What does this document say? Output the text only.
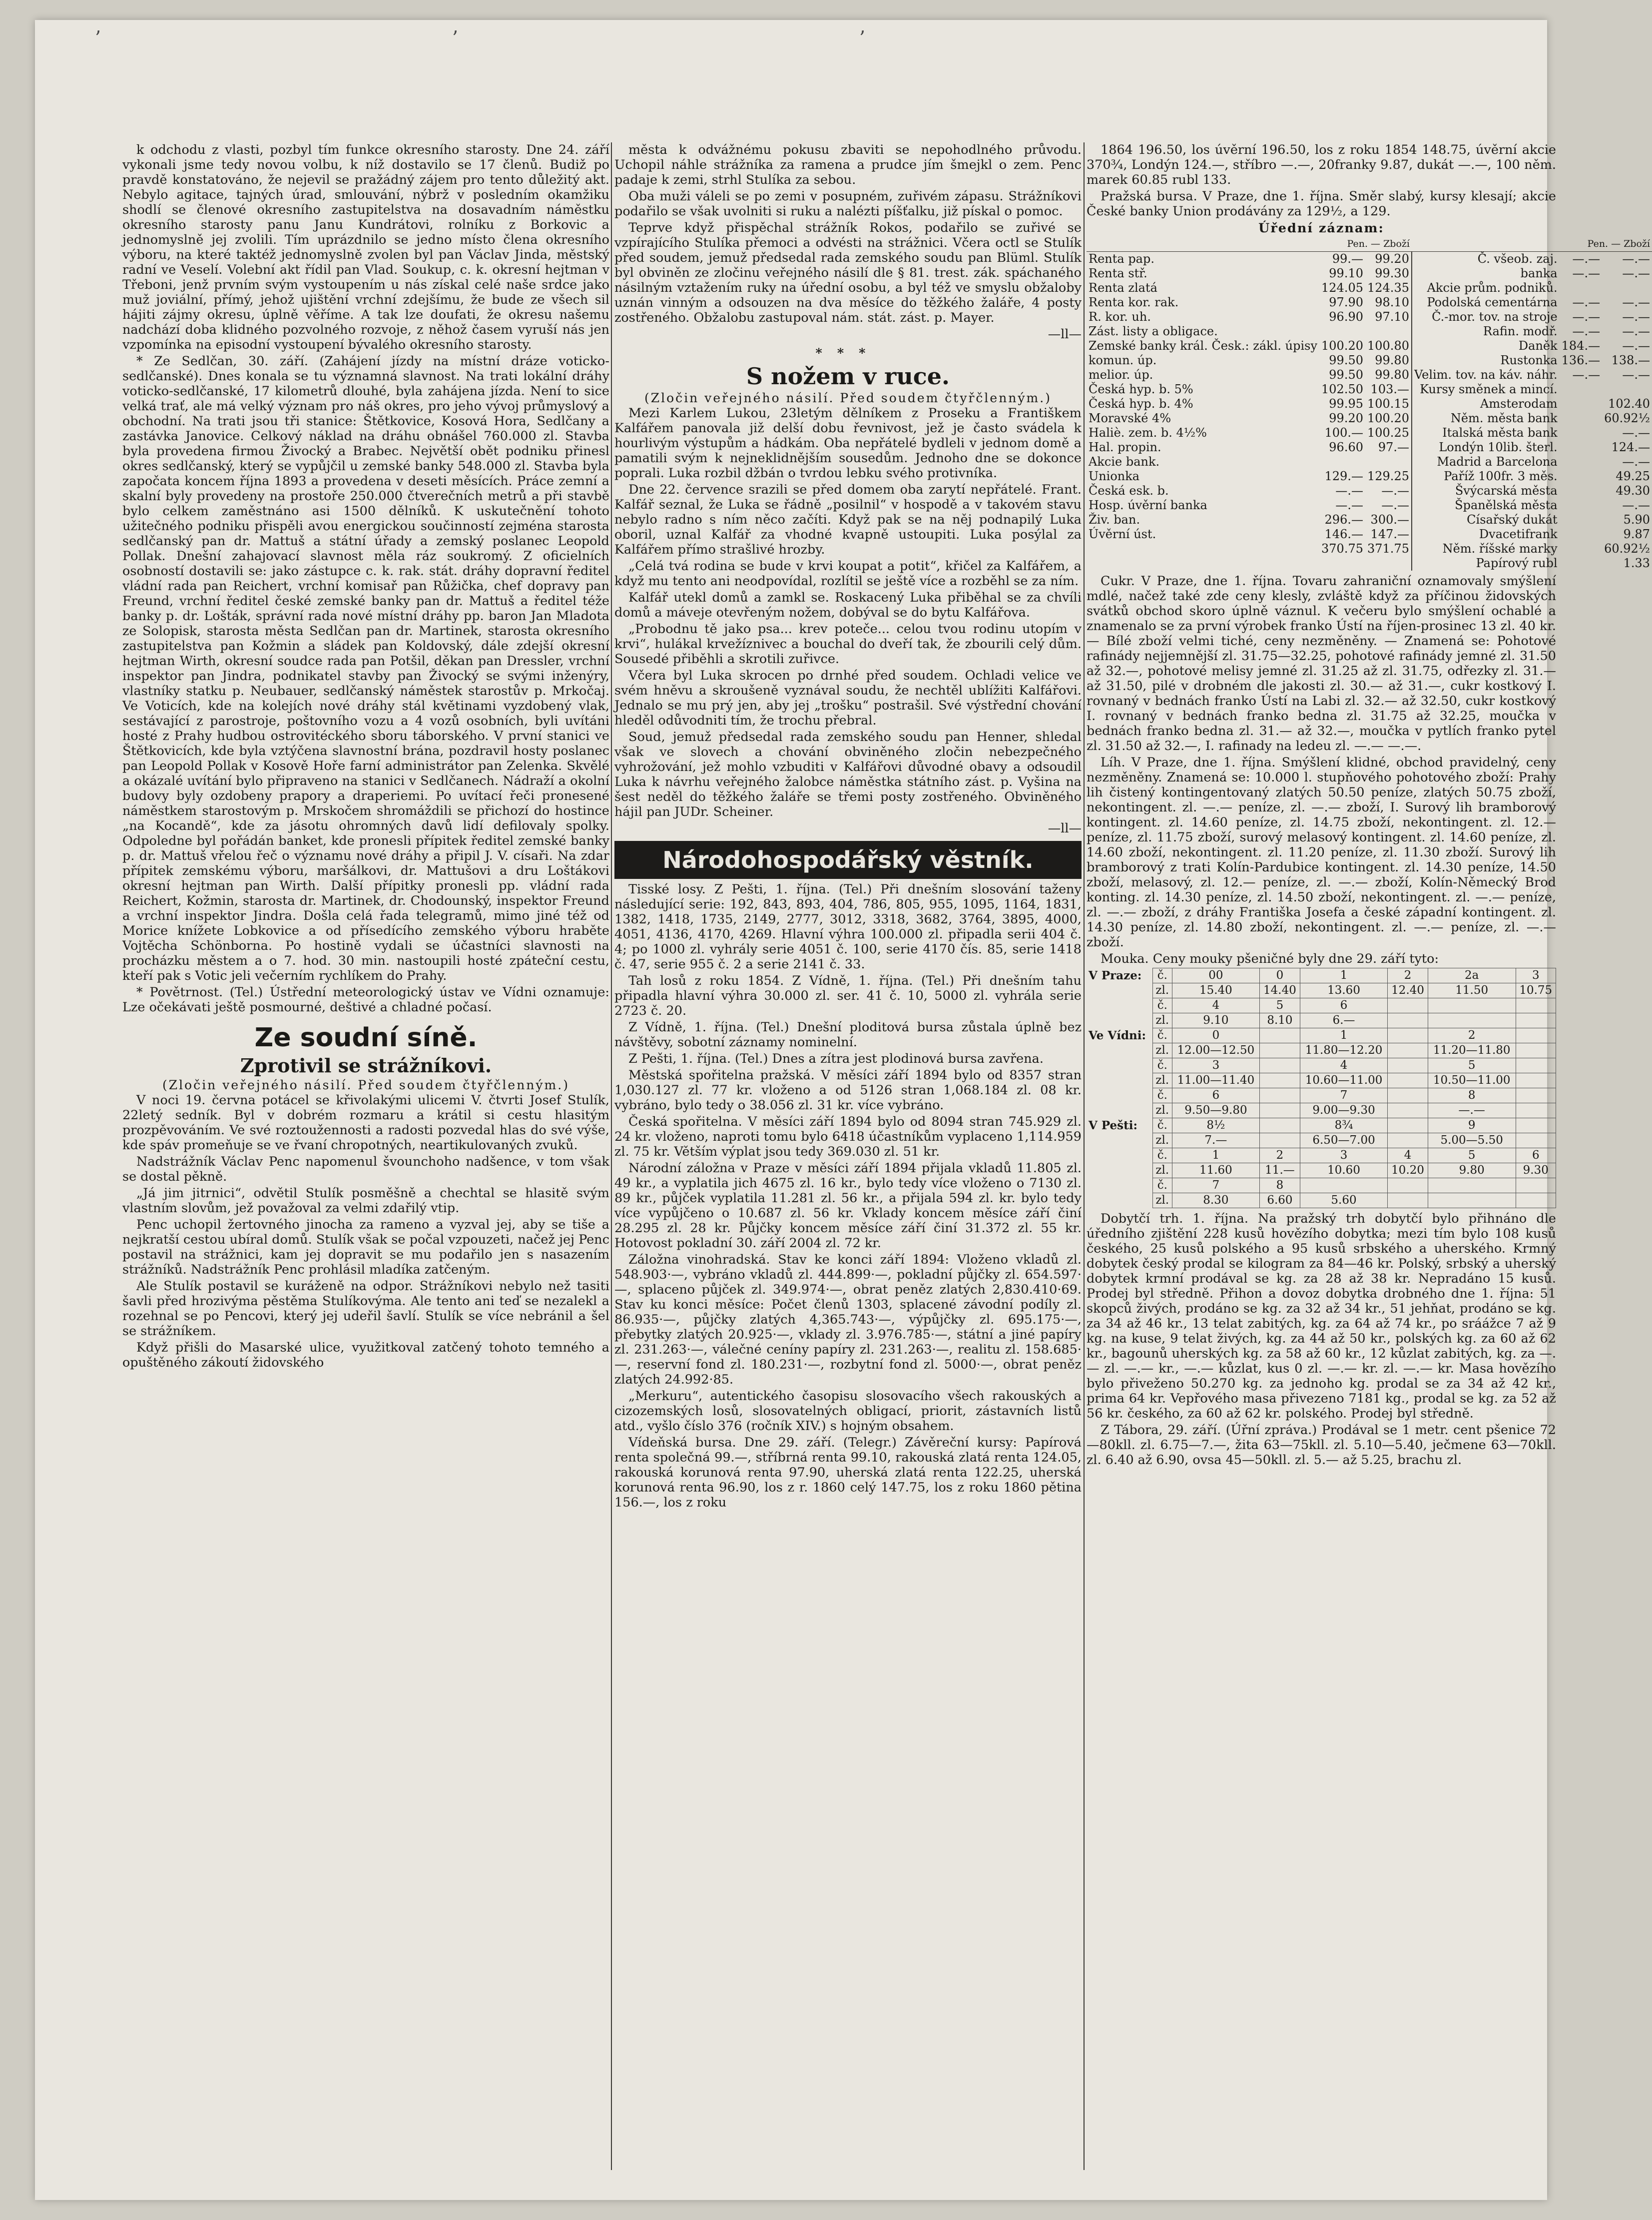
’	’	’

k odchodu z vlasti, pozbyl tím funkce okresního starosty. Dne 24. září vykonali jsme tedy novou volbu, k níž dostavilo se 17 členů. Budiž po pravdě konstatováno, že nejevil se pražádný zájem pro tento důležitý akt. Nebylo agitace, tajných úrad, smlouvání, nýbrž v posledním okamžiku shodlí se členové okresního zastupitelstva na dosavadním náměstku okresního starosty panu Janu Kundrátovi, rolníku z Borkovic a jednomyslně jej zvolili. Tím uprázdnilo se jedno místo člena okresního výboru, na které taktéž jednomyslně zvolen byl pan Václav Jinda, městský radní ve Veselí. Volební akt řídil pan Vlad. Soukup, c. k. okresní hejtman v Třeboni, jenž prvním svým vystoupením u nás získal celé naše srdce jako muž joviální, přímý, jehož ujištění vrchní zdejšímu, že bude ze všech sil hájiti zájmy okresu, úplně věříme. A tak lze doufati, že okresu našemu nadchází doba klidného pozvolného rozvoje, z něhož časem vyruší nás jen vzpomínka na episodní vystoupení bývalého okresního starosty.

* Ze Sedlčan, 30. září. (Zahájení jízdy na místní dráze voticko-sedlčanské). Dnes konala se tu významná slavnost. Na trati lokální dráhy voticko-sedlčanské, 17 kilometrů dlouhé, byla zahájena jízda. Není to sice velká trať, ale má velký význam pro náš okres, pro jeho vývoj průmyslový a obchodní. Na trati jsou tři stanice: Štětkovice, Kosová Hora, Sedlčany a zastávka Janovice. Celkový náklad na dráhu obnášel 760.000 zl. Stavba byla provedena firmou Živocký a Brabec. Největší obět podniku přinesl okres sedlčanský, který se vypůjčil u zemské banky 548.000 zl. Stavba byla započata koncem října 1893 a provedena v deseti měsících. Práce zemní a skalní byly provedeny na prostoře 250.000 čtverečních metrů a při stavbě bylo celkem zaměstnáno asi 1500 dělníků. K uskutečnění tohoto užitečného podniku přispěli avou energickou součinností zejména starosta sedlčanský pan dr. Mattuš a státní úřady a zemský poslanec Leopold Pollak. Dnešní zahajovací slavnost měla ráz soukromý. Z oficielních osobností dostavili se: jako zástupce c. k. rak. stát. dráhy dopravní ředitel vládní rada pan Reichert, vrchní komisař pan Růžička, chef dopravy pan Freund, vrchní ředitel české zemské banky pan dr. Mattuš a ředitel téže banky p. dr. Lošták, správní rada nové místní dráhy pp. baron Jan Mladota ze Solopisk, starosta města Sedlčan pan dr. Martinek, starosta okresního zastupitelstva pan Kožmin a sládek pan Koldovský, dále zdejší okresní hejtman Wirth, okresní soudce rada pan Potšil, děkan pan Dressler, vrchní inspektor pan Jindra, podnikatel stavby pan Živocký se svými inženýry, vlastníky statku p. Neubauer, sedlčanský náměstek starostův p. Mrkočaj. Ve Voticích, kde na kolejích nové dráhy stál květinami vyzdobený vlak, sestávající z parostroje, poštovního vozu a 4 vozů osobních, byli uvítáni hosté z Prahy hudbou ostrovitéckého sboru táborského. V první stanici ve Štětkovicích, kde byla vztýčena slavnostní brána, pozdravil hosty poslanec pan Leopold Pollak v Kosově Hoře farní administrátor pan Zelenka. Skvělé a okázalé uvítání bylo připraveno na stanici v Sedlčanech. Nádraží a okolní budovy byly ozdobeny prapory a draperiemi. Po uvítací řeči pronesené náměstkem starostovým p. Mrskočem shromáždili se přichozí do hostince „na Kocandě“, kde za jásotu ohromných davů lidí defilovaly spolky. Odpoledne byl pořádán banket, kde pronesli přípitek ředitel zemské banky p. dr. Mattuš vřelou řeč o významu nové dráhy a připil J. V. císaři. Na zdar přípitek zemskému výboru, maršálkovi, dr. Mattušovi a dru Loštákovi okresní hejtman pan Wirth. Další přípitky pronesli pp. vládní rada Reichert, Kožmin, starosta dr. Martinek, dr. Chodounský, inspektor Freund a vrchní inspektor Jindra. Došla celá řada telegramů, mimo jiné též od Morice knížete Lobkovice a od přísedícího zemského výboru hraběte Vojtěcha Schönborna. Po hostině vydali se účastníci slavnosti na procházku městem a o 7. hod. 30 min. nastoupili hosté zpáteční cestu, kteří pak s Votic jeli večerním rychlíkem do Prahy.

* Povětrnost. (Tel.) Ústřední meteorologický ústav ve Vídni oznamuje: Lze očekávati ještě posmourné, deštivé a chladné počasí.

Ze soudní síně.
Zprotivil se strážníkovi.
(Zločin veřejného násilí. Před soudem čtyřčlenným.)

V noci 19. června potácel se křivolakými ulicemi V. čtvrti Josef Stulík, 22letý sedník. Byl v dobrém rozmaru a krátil si cestu hlasitým prozpěvováním. Ve své roztoužennosti a radosti pozvedal hlas do své výše, kde spáv promeňuje se ve řvaní chropotných, neartikulovaných zvuků.

Nadstrážník Václav Penc napomenul švounchoho nadšence, v tom však se dostal pěkně.

„Já jim jitrnici“, odvětil Stulík posměšně a chechtal se hlasitě svým vlastním slovům, jež považoval za velmi zdařilý vtip.

Penc uchopil žertovného jinocha za rameno a vyzval jej, aby se tiše a nejkratší cestou ubíral domů. Stulík však se počal vzpouzeti, načež jej Penc postavil na strážnici, kam jej dopravit se mu podařilo jen s nasazením strážníků. Nadstrážník Penc prohlásil mladíka zatčeným.

Ale Stulík postavil se kuráženě na odpor. Strážníkovi nebylo než tasiti šavli před hrozivýma pěstěma Stulíkovýma. Ale tento ani teď se nezalekl a rozehnal se po Pencovi, který jej udeřil šavlí. Stulík se více nebránil a šel se strážníkem.

Když přišli do Masarské ulice, využitkoval zatčený tohoto temného a opuštěného zákoutí židovského

města k odvážnému pokusu zbaviti se nepohodlného průvodu. Uchopil náhle strážníka za ramena a prudce jím šmejkl o zem. Penc padaje k zemi, strhl Stulíka za sebou.

Oba muži váleli se po zemi v posupném, zuřivém zápasu. Strážníkovi podařilo se však uvolniti si ruku a nalézti píšťalku, již pískal o pomoc.

Teprve když přispěchal strážník Rokos, podařilo se zuřivé se vzpírajícího Stulíka přemoci a odvésti na strážnici. Včera octl se Stulík před soudem, jemuž předsedal rada zemského soudu pan Blüml. Stulík byl obviněn ze zločinu veřejného násilí dle § 81. trest. zák. spáchaného násilným vztažením ruky na úřední osobu, a byl též ve smyslu obžaloby uznán vinným a odsouzen na dva měsíce do těžkého žaláře, 4 posty zostřeného. Obžalobu zastupoval nám. stát. zást. p. Mayer.

—ll—
***
S nožem v ruce.
(Zločin veřejného násilí. Před soudem čtyřčlenným.)

Mezi Karlem Lukou, 23letým dělníkem z Proseku a Františkem Kalfářem panovala již delší dobu řevnivost, jež je často svádela k hourlivým výstupům a hádkám. Oba nepřátelé bydleli v jednom domě a pamatili svým k nejneklidnějším sousedům. Jednoho dne se dokonce poprali. Luka rozbil džbán o tvrdou lebku svého protivníka.

Dne 22. července srazili se před domem oba zarytí nepřátelé. Frant. Kalfář seznal, že Luka se řádně „posilnil“ v hospodě a v takovém stavu nebylo radno s ním něco začíti. Když pak se na něj podnapilý Luka oboril, uznal Kalfář za vhodné kvapně ustoupiti. Luka posýlal za Kalfářem přímo strašlivé hrozby.

„Celá tvá rodina se bude v krvi koupat a potit“, křičel za Kalfářem, a když mu tento ani neodpovídal, rozlítil se ještě více a rozběhl se za ním.

Kalfář utekl domů a zamkl se. Roskacený Luka přiběhal se za chvíli domů a máveje otevřeným nožem, dobýval se do bytu Kalfářova.

„Probodnu tě jako psa... krev poteče... celou tvou rodinu utopím v krvi“, hulákal krvežíznivec a bouchal do dveří tak, že zbourili celý dům. Sousedé přiběhli a skrotili zuřivce.

Včera byl Luka skrocen po drnhé před soudem. Ochladi velice ve svém hněvu a skroušeně vyznával soudu, že nechtěl ublížiti Kalfářovi. Jednalo se mu prý jen, aby jej „trošku“ postrašil. Své výstřední chování hleděl odůvodniti tím, že trochu přebral.

Soud, jemuž předsedal rada zemského soudu pan Henner, shledal však ve slovech a chování obviněného zločin nebezpečného vyhrožování, jež mohlo vzbuditi v Kalfářovi důvodné obavy a odsoudil Luka k návrhu veřejného žalobce náměstka státního zást. p. Vyšina na šest neděl do těžkého žaláře se třemi posty zostřeného. Obviněného hájil pan JUDr. Scheiner.

—ll—
Národohospodářský věstník.

Tisské losy. Z Pešti, 1. října. (Tel.) Při dnešním slosování taženy následující serie: 192, 843, 893, 404, 786, 805, 955, 1095, 1164, 1831, 1382, 1418, 1735, 2149, 2777, 3012, 3318, 3682, 3764, 3895, 4000, 4051, 4136, 4170, 4269. Hlavní výhra 100.000 zl. připadla serii 404 č. 4; po 1000 zl. vyhrály serie 4051 č. 100, serie 4170 čís. 85, serie 1418 č. 47, serie 955 č. 2 a serie 2141 č. 33.

Tah losů z roku 1854. Z Vídně, 1. října. (Tel.) Při dnešním tahu připadla hlavní výhra 30.000 zl. ser. 41 č. 10, 5000 zl. vyhrála serie 2723 č. 20.

Z Vídně, 1. října. (Tel.) Dnešní ploditová bursa zůstala úplně bez návštěvy, sobotní záznamy nominelní.

Z Pešti, 1. října. (Tel.) Dnes a zítra jest plodinová bursa zavřena.

Městská spořitelna pražská. V měsíci září 1894 bylo od 8357 stran 1,030.127 zl. 77 kr. vloženo a od 5126 stran 1,068.184 zl. 08 kr. vybráno, bylo tedy o 38.056 zl. 31 kr. více vybráno.

Česká spořitelna. V měsíci září 1894 bylo od 8094 stran 745.929 zl. 24 kr. vloženo, naproti tomu bylo 6418 účastníkům vyplaceno 1,114.959 zl. 75 kr. Větším výplat jsou tedy 369.030 zl. 51 kr.

Národní záložna v Praze v měsíci září 1894 přijala vkladů 11.805 zl. 49 kr., a vyplatila jich 4675 zl. 16 kr., bylo tedy více vloženo o 7130 zl. 89 kr., půjček vyplatila 11.281 zl. 56 kr., a přijala 594 zl. kr. bylo tedy více vypůjčeno o 10.687 zl. 56 kr. Vklady koncem měsíce září činí 28.295 zl. 28 kr. Půjčky koncem měsíce září činí 31.372 zl. 55 kr. Hotovost pokladní 30. září 2004 zl. 72 kr.

Záložna vinohradská. Stav ke konci září 1894: Vloženo vkladů zl. 548.903·—, vybráno vkladů zl. 444.899·—, pokladní půjčky zl. 654.597·—, splaceno půjček zl. 349.974·—, obrat peněz zlatých 2,830.410·69. Stav ku konci měsíce: Počet členů 1303, splacené závodní podíly zl. 86.935·—, půjčky zlatých 4,365.743·—, výpůjčky zl. 695.175·—, přebytky zlatých 20.925·—, vklady zl. 3.976.785·—, státní a jiné papíry zl. 231.263·—, válečné ceníny papíry zl. 231.263·—, realitu zl. 158.685·—, reservní fond zl. 180.231·—, rozbytní fond zl. 5000·—, obrat peněz zlatých 24.992·85.

„Merkuru“, autentického časopisu slosovacího všech rakouských a cizozemských losů, slosovatelných obligací, priorit, zástavních listů atd., vyšlo číslo 376 (ročník XIV.) s hojným obsahem.

Vídeňská bursa. Dne 29. září. (Telegr.) Závěreční kursy: Papírová renta společná 99.—, stříbrná renta 99.10, rakouská zlatá renta 124.05, rakouská korunová renta 97.90, uherská zlatá renta 122.25, uherská korunová renta 96.90, los z r. 1860 celý 147.75, los z roku 1860 pětina 156.—, los z roku

1864 196.50, los úvěrní 196.50, los z roku 1854 148.75, úvěrní akcie 370¾, Londýn 124.—, stříbro —.—, 20franky 9.87, dukát —.—, 100 něm. marek 60.85 rubl 133.

Pražská bursa. V Praze, dne 1. října. Směr slabý, kursy klesají; akcie České banky Union prodávány za 129½, a 129.

Úřední záznam:
	Pen. — Zboží			Pen. — Zboží	
Renta pap.	99.—	99.20	Č. všeob. zaj.	—.—	—.—
Renta stř.	99.10	99.30	banka	—.—	—.—
Renta zlatá	124.05	124.35	Akcie prům. podniků.		
Renta kor. rak.	97.90	98.10	Podolská cementárna	—.—	—.—
R. kor. uh.	96.90	97.10	Č.-mor. tov. na stroje	—.—	—.—
Zást. listy a obligace.			Rafin. modř.	—.—	—.—
Zemské banky král. Česk.: zákl. úpisy	100.20	100.80	Daněk	184.—	—.—
komun. úp.	99.50	99.80	Rustonka	136.—	138.—
melior. úp.	99.50	99.80	Velim. tov. na káv. náhr.	—.—	—.—
Česká hyp. b. 5%	102.50	103.—	Kursy směnek a mincí.		
Česká hyp. b. 4%	99.95	100.15	Amsterodam		102.40
Moravské 4%	99.20	100.20	Něm. města bank		60.92½
Haliè. zem. b. 4½%	100.—	100.25	Italská města bank		—.—
Hal. propin.	96.60	97.—	Londýn 10lib. šterl.		124.—
Akcie bank.			Madrid a Barcelona		—.—
Unionka	129.—	129.25	Paříž 100fr. 3 měs.		49.25
Česká esk. b.	—.—	—.—	Švýcarská města		49.30
Hosp. úvěrní banka	—.—	—.—	Španělská města		—.—
Živ. ban.	296.—	300.—	Císařský dukát		5.90
Úvěrní úst.	146.—	147.—	Dvacetifrank		9.87
	370.75	371.75	Něm. říšské marky		60.92½
			Papírový rubl		1.33

Cukr. V Praze, dne 1. října. Tovaru zahraniční oznamovaly smýšlení mdlé, načež také zde ceny klesly, zvláště když za příčinou židovských svátků obchod skoro úplně váznul. K večeru bylo smýšlení ochablé a znamenalo se za první výrobek franko Ústí na říjen-prosinec 13 zl. 40 kr. — Bílé zboží velmi tiché, ceny nezměněny. — Znamená se: Pohotové rafinády nejjemnější zl. 31.75—32.25, pohotové rafinády jemné zl. 31.50 až 32.—, pohotové melisy jemné zl. 31.25 až zl. 31.75, odřezky zl. 31.— až 31.50, pilé v drobném dle jakosti zl. 30.— až 31.—, cukr kostkový I. rovnaný v bednách franko Ústí na Labi zl. 32.— až 32.50, cukr kostkový I. rovnaný v bednách franko bedna zl. 31.75 až 32.25, moučka v bednách franko bedna zl. 31.— až 32.—, moučka v pytlích franko pytel zl. 31.50 až 32.—, I. rafinady na ledeu zl. —.— —.—.

Líh. V Praze, dne 1. října. Smýšlení klidné, obchod pravidelný, ceny nezměněny. Znamená se: 10.000 l. stupňového pohotového zboží: Prahy lih čistený kontingentovaný zlatých 50.50 peníze, zlatých 50.75 zboží, nekontingent. zl. —.— peníze, zl. —.— zboží, I. Surový lih bramborový kontingent. zl. 14.60 peníze, zl. 14.75 zboží, nekontingent. zl. 12.— peníze, zl. 11.75 zboží, surový melasový kontingent. zl. 14.60 peníze, zl. 14.60 zboží, nekontingent. zl. 11.20 peníze, zl. 11.30 zboží. Surový lih bramborový z trati Kolín-Pardubice kontingent. zl. 14.30 peníze, 14.50 zboží, melasový, zl. 12.— peníze, zl. —.— zboží, Kolín-Německý Brod konting. zl. 14.30 peníze, zl. 14.50 zboží, nekontingent. zl. —.— peníze, zl. —.— zboží, z dráhy Františka Josefa a české západní kontingent. zl. 14.30 peníze, zl. 14.80 zboží, nekontingent. zl. —.— peníze, zl. —.— zboží.

Mouka. Ceny mouky pšeničné byly dne 29. září tyto:

V Praze:	č.	00	0	1	2	2a	3
	zl.	15.40	14.40	13.60	12.40	11.50	10.75
	č.	4	5	6			
	zl.	9.10	8.10	6.—			
Ve Vídni:	č.	0		1		2	
	zl.	12.00—12.50		11.80—12.20		11.20—11.80	
	č.	3		4		5	
	zl.	11.00—11.40		10.60—11.00		10.50—11.00	
	č.	6		7		8	
	zl.	9.50—9.80		9.00—9.30		—.—	
V Pešti:	č.	8½		8¾		9	
	zl.	7.—		6.50—7.00		5.00—5.50	
	č.	1	2	3	4	5	6
	zl.	11.60	11.—	10.60	10.20	9.80	9.30
	č.	7	8				
	zl.	8.30	6.60	5.60			

Dobytčí trh. 1. října. Na pražský trh dobytčí bylo přihnáno dle úředního zjištění 228 kusů hovězího dobytka; mezi tím bylo 108 kusů českého, 25 kusů polského a 95 kusů srbského a uherského. Krmný dobytek český prodal se kilogram za 84—46 kr. Polský, srbský a uherský dobytek krmní prodával se kg. za 28 až 38 kr. Nepradáno 15 kusů. Prodej byl středně. Přihon a dovoz dobytka drobného dne 1. října: 51 skopců živých, prodáno se kg. za 32 až 34 kr., 51 jehňat, prodáno se kg. za 34 až 46 kr., 13 telat zabitých, kg. za 64 až 74 kr., po sráážce 7 až 9 kg. na kuse, 9 telat živých, kg. za 44 až 50 kr., polských kg. za 60 až 62 kr., bagounů uherských kg. za 58 až 60 kr., 12 kůzlat zabitých, kg. za —.— zl. —.— kr., —.— kůzlat, kus 0 zl. —.— kr. zl. —.— kr. Masa hovězího bylo přiveženo 50.270 kg. za jednoho kg. prodal se za 34 až 42 kr., prima 64 kr. Vepřového masa přivezeno 7181 kg., prodal se kg. za 52 až 56 kr. českého, za 60 až 62 kr. polského. Prodej byl středně.

Z Tábora, 29. září. (Úřní zpráva.) Prodával se 1 metr. cent pšenice 72—80kll. zl. 6.75—7.—, žita 63—75kll. zl. 5.10—5.40, ječmene 63—70kll. zl. 6.40 až 6.90, ovsa 45—50kll. zl. 5.— až 5.25, brachu zl.
